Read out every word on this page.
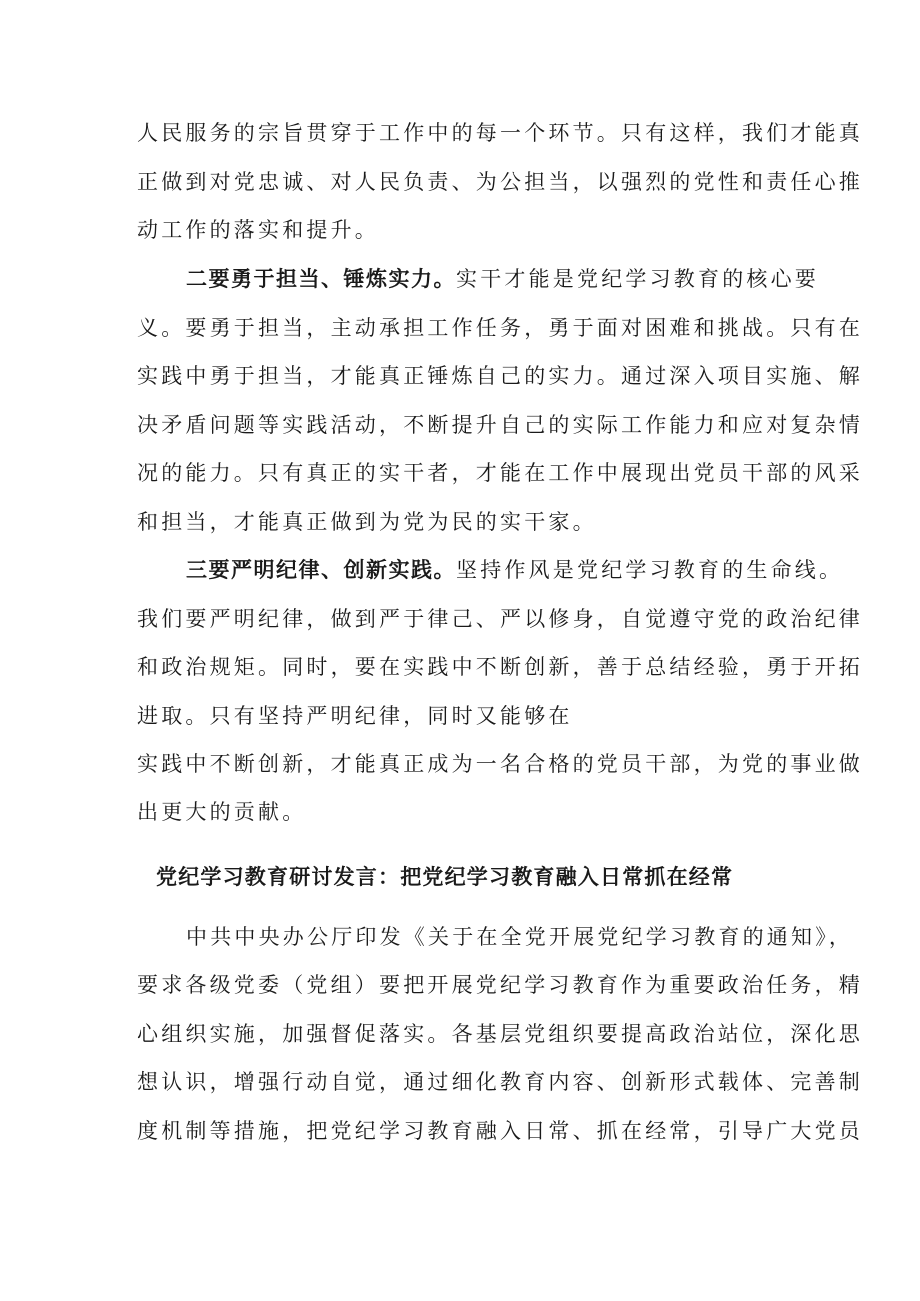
人民服务的宗旨贯穿于工作中的每一个环节。只有这样，我们才能真
正做到对党忠诚、对人民负责、为公担当，以强烈的党性和责任心推
动工作的落实和提升。
二要勇于担当、锤炼实力。实干才能是党纪学习教育的核心要
义。要勇于担当，主动承担工作任务，勇于面对困难和挑战。只有在
实践中勇于担当，才能真正锤炼自己的实力。通过深入项目实施、解
决矛盾问题等实践活动，不断提升自己的实际工作能力和应对复杂情
况的能力。只有真正的实干者，才能在工作中展现出党员干部的风采
和担当，才能真正做到为党为民的实干家。
三要严明纪律、创新实践。坚持作风是党纪学习教育的生命线。
我们要严明纪律，做到严于律己、严以修身，自觉遵守党的政治纪律
和政治规矩。同时，要在实践中不断创新，善于总结经验，勇于开拓
进取。只有坚持严明纪律，同时又能够在
实践中不断创新，才能真正成为一名合格的党员干部，为党的事业做
出更大的贡献。
党纪学习教育研讨发言：把党纪学习教育融入日常抓在经常
中共中央办公厅印发《关于在全党开展党纪学习教育的通知》，
要求各级党委（党组）要把开展党纪学习教育作为重要政治任务，精
心组织实施，加强督促落实。各基层党组织要提高政治站位，深化思
想认识，增强行动自觉，通过细化教育内容、创新形式载体、完善制
度机制等措施，把党纪学习教育融入日常、抓在经常，引导广大党员
